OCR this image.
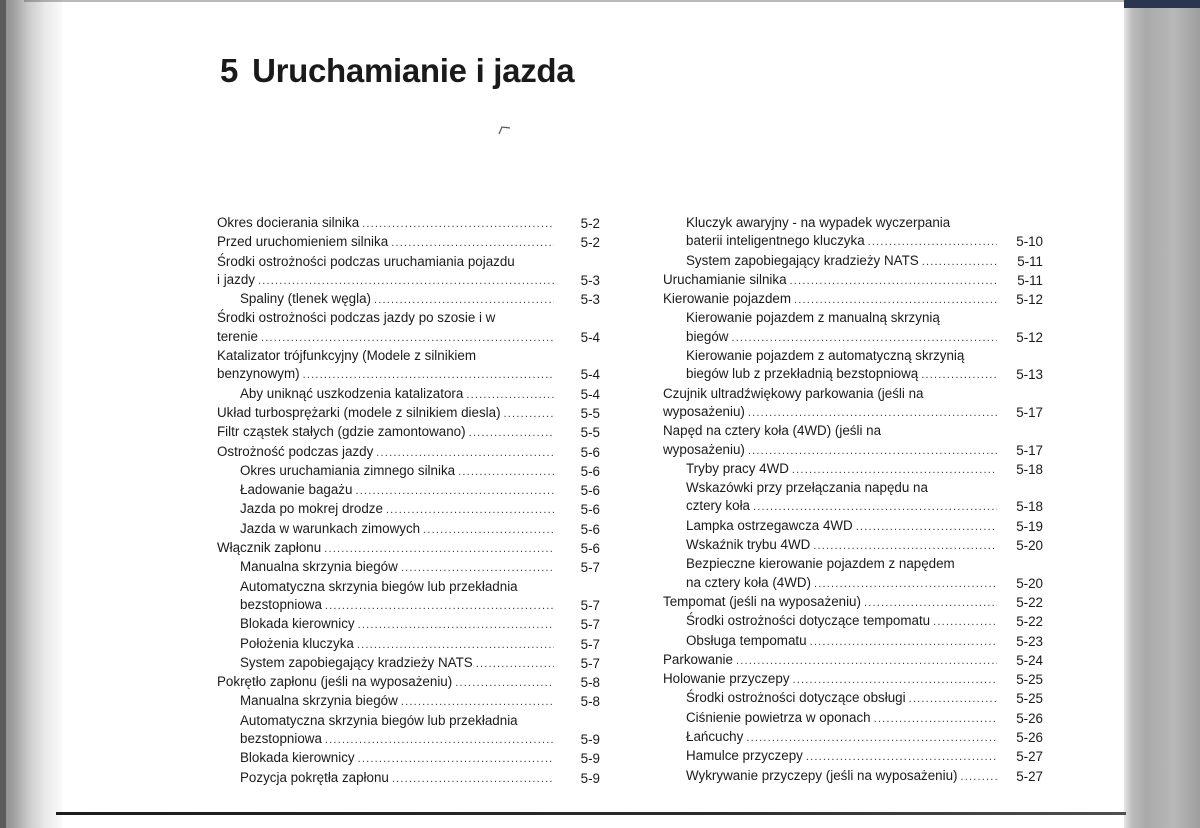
5 Uruchamianie i jazda
Okres docierania silnika .....	5-2
Przed uruchomieniem silnika .....	5-2
Środki ostrożności podczas uruchamiania pojazdu
i jazdy .....	5-3
Spaliny (tlenek węgla) .....	5-3
Środki ostrożności podczas jazdy po szosie i w
terenie .....	5-4
Katalizator trójfunkcyjny (Modele z silnikiem
benzynowym) .....	5-4
Aby uniknąć uszkodzenia katalizatora .....	5-4
Układ turbosprężarki (modele z silnikiem diesla) .....	5-5
Filtr cząstek stałych (gdzie zamontowano) .....	5-5
Ostrożność podczas jazdy .....	5-6
Okres uruchamiania zimnego silnika .....	5-6
Ładowanie bagażu .....	5-6
Jazda po mokrej drodze .....	5-6
Jazda w warunkach zimowych .....	5-6
Włącznik zapłonu .....	5-6
Manualna skrzynia biegów .....	5-7
Automatyczna skrzynia biegów lub przekładnia
bezstopniowa .....	5-7
Blokada kierownicy .....	5-7
Położenia kluczyka .....	5-7
System zapobiegający kradzieży NATS .....	5-7
Pokrętło zapłonu (jeśli na wyposażeniu) .....	5-8
Manualna skrzynia biegów .....	5-8
Automatyczna skrzynia biegów lub przekładnia
bezstopniowa .....	5-9
Blokada kierownicy .....	5-9
Pozycja pokrętła zapłonu .....	5-9
Kluczyk awaryjny - na wypadek wyczerpania
baterii inteligentnego kluczyka .....	5-10
System zapobiegający kradzieży NATS .....	5-11
Uruchamianie silnika .....	5-11
Kierowanie pojazdem .....	5-12
Kierowanie pojazdem z manualną skrzynią
biegów .....	5-12
Kierowanie pojazdem z automatyczną skrzynią
biegów lub z przekładnią bezstopniową .....	5-13
Czujnik ultradźwiękowy parkowania (jeśli na
wyposażeniu) .....	5-17
Napęd na cztery koła (4WD) (jeśli na
wyposażeniu) .....	5-17
Tryby pracy 4WD .....	5-18
Wskazówki przy przełączania napędu na
cztery koła .....	5-18
Lampka ostrzegawcza 4WD .....	5-19
Wskaźnik trybu 4WD .....	5-20
Bezpieczne kierowanie pojazdem z napędem
na cztery koła (4WD) .....	5-20
Tempomat (jeśli na wyposażeniu) .....	5-22
Środki ostrożności dotyczące tempomatu .....	5-22
Obsługa tempomatu .....	5-23
Parkowanie .....	5-24
Holowanie przyczepy .....	5-25
Środki ostrożności dotyczące obsługi .....	5-25
Ciśnienie powietrza w oponach .....	5-26
Łańcuchy .....	5-26
Hamulce przyczepy .....	5-27
Wykrywanie przyczepy (jeśli na wyposażeniu) .....	5-27
